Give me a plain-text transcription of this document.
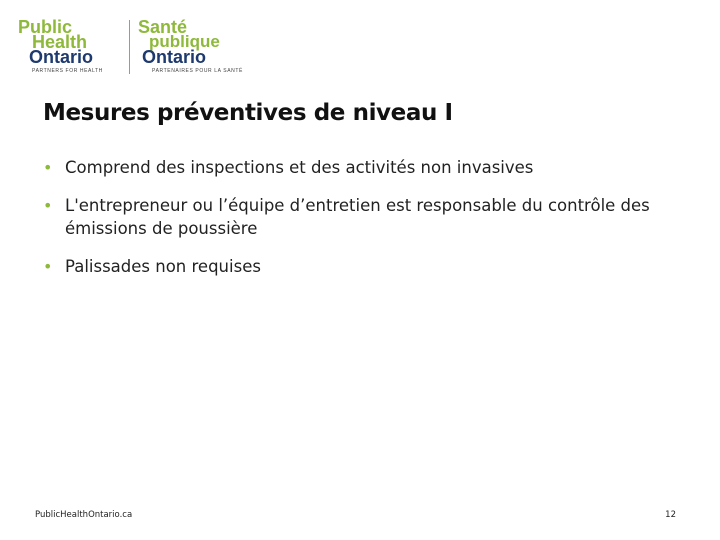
Public
Health
Ontario
PARTNERS FOR HEALTH
Santé
publique
Ontario
PARTENAIRES POUR LA SANTÉ
Mesures préventives de niveau I
• Comprend des inspections et des activités non invasives
• L'entrepreneur ou l’équipe d’entretien est responsable du contrôle des émissions de poussière
• Palissades non requises
PublicHealthOntario.ca	12
